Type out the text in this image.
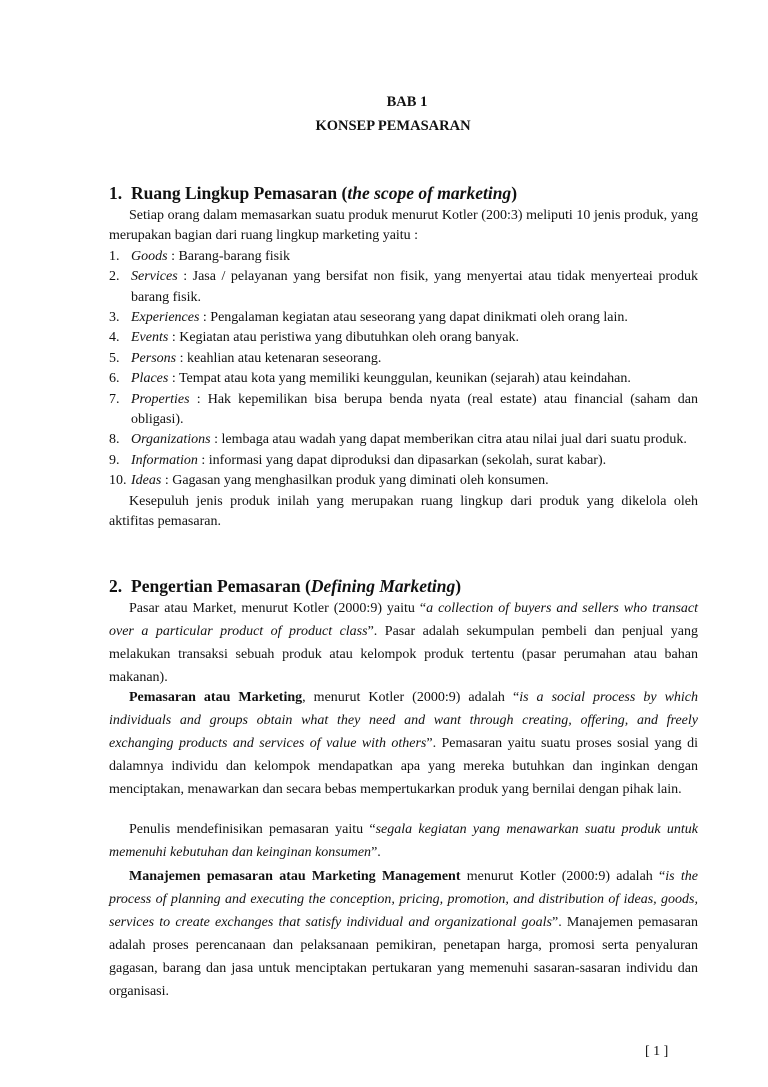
BAB 1
KONSEP PEMASARAN
1. Ruang Lingkup Pemasaran (the scope of marketing)

Setiap orang dalam memasarkan suatu produk menurut Kotler (200:3) meliputi 10 jenis produk, yang merupakan bagian dari ruang lingkup marketing yaitu :

1. Goods : Barang-barang fisik
2. Services : Jasa / pelayanan yang bersifat non fisik, yang menyertai atau tidak menyerteai produk barang fisik.
3. Experiences : Pengalaman kegiatan atau seseorang yang dapat dinikmati oleh orang lain.
4. Events : Kegiatan atau peristiwa yang dibutuhkan oleh orang banyak.
5. Persons : keahlian atau ketenaran seseorang.
6. Places : Tempat atau kota yang memiliki keunggulan, keunikan (sejarah) atau keindahan.
7. Properties : Hak kepemilikan bisa berupa benda nyata (real estate) atau financial (saham dan obligasi).
8. Organizations : lembaga atau wadah yang dapat memberikan citra atau nilai jual dari suatu produk.
9. Information : informasi yang dapat diproduksi dan dipasarkan (sekolah, surat kabar).
10. Ideas : Gagasan yang menghasilkan produk yang diminati oleh konsumen.

Kesepuluh jenis produk inilah yang merupakan ruang lingkup dari produk yang dikelola oleh aktifitas pemasaran.

2. Pengertian Pemasaran (Defining Marketing)

Pasar atau Market, menurut Kotler (2000:9) yaitu “a collection of buyers and sellers who transact over a particular product of product class”. Pasar adalah sekumpulan pembeli dan penjual yang melakukan transaksi sebuah produk atau kelompok produk tertentu (pasar perumahan atau bahan makanan).

Pemasaran atau Marketing, menurut Kotler (2000:9) adalah “is a social process by which individuals and groups obtain what they need and want through creating, offering, and freely exchanging products and services of value with others”. Pemasaran yaitu suatu proses sosial yang di dalamnya individu dan kelompok mendapatkan apa yang mereka butuhkan dan inginkan dengan menciptakan, menawarkan dan secara bebas mempertukarkan produk yang bernilai dengan pihak lain.

Penulis mendefinisikan pemasaran yaitu “segala kegiatan yang menawarkan suatu produk untuk memenuhi kebutuhan dan keinginan konsumen”.

Manajemen pemasaran atau Marketing Management menurut Kotler (2000:9) adalah “is the process of planning and executing the conception, pricing, promotion, and distribution of ideas, goods, services to create exchanges that satisfy individual and organizational goals”. Manajemen pemasaran adalah proses perencanaan dan pelaksanaan pemikiran, penetapan harga, promosi serta penyaluran gagasan, barang dan jasa untuk menciptakan pertukaran yang memenuhi sasaran-sasaran individu dan organisasi.

[ 1 ]
